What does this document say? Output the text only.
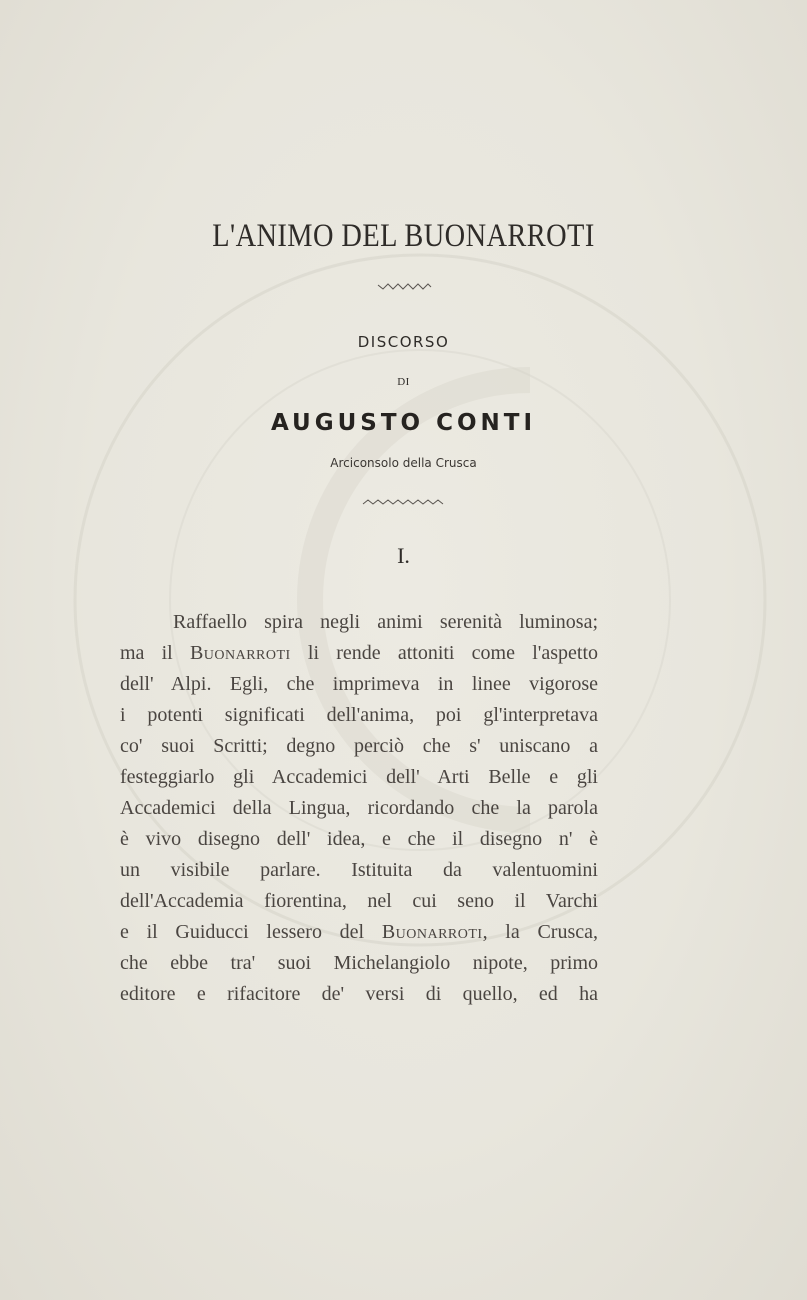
L'ANIMO DEL BUONARROTI
DISCORSO
DI
AUGUSTO CONTI
Arciconsolo della Crusca
I.
Raffaello spira negli animi serenità luminosa;
ma il Buonarroti li rende attoniti come l'aspetto
dell' Alpi. Egli, che imprimeva in linee vigorose
i potenti significati dell'anima, poi gl'interpretava
co' suoi Scritti; degno perciò che s' uniscano a
festeggiarlo gli Accademici dell' Arti Belle e gli
Accademici della Lingua, ricordando che la parola
è vivo disegno dell' idea, e che il disegno n' è
un visibile parlare. Istituita da valentuomini
dell'Accademia fiorentina, nel cui seno il Varchi
e il Guiducci lessero del Buonarroti, la Crusca,
che ebbe tra' suoi Michelangiolo nipote, primo
editore e rifacitore de' versi di quello, ed ha
